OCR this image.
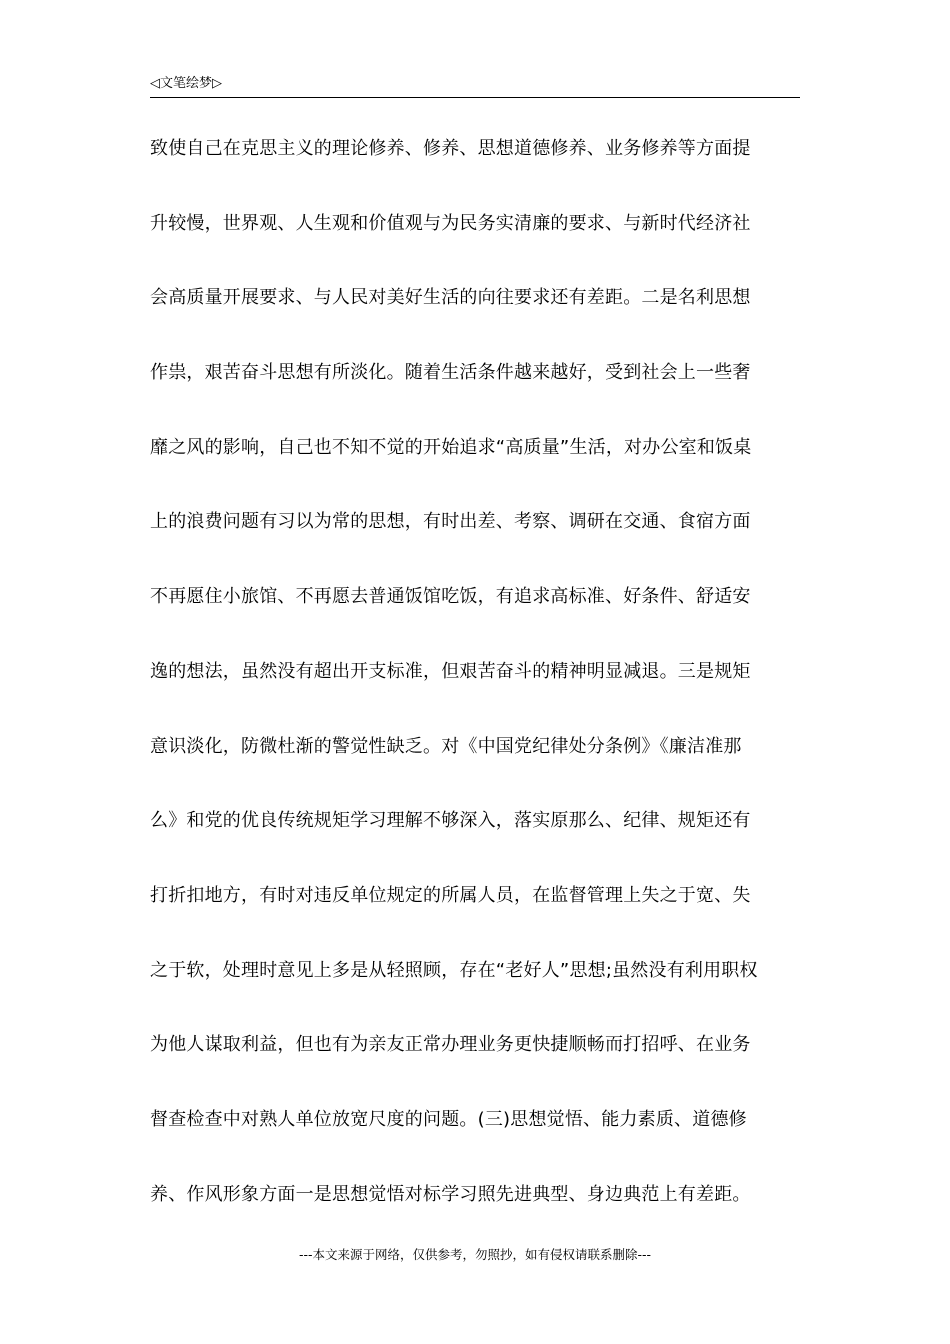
◁文笔绘梦▷
致使自己在克思主义的理论修养、修养、思想道德修养、业务修养等方面提
升较慢，世界观、人生观和价值观与为民务实清廉的要求、与新时代经济社
会高质量开展要求、与人民对美好生活的向往要求还有差距。二是名利思想
作祟，艰苦奋斗思想有所淡化。随着生活条件越来越好，受到社会上一些奢
靡之风的影响，自己也不知不觉的开始追求“高质量”生活，对办公室和饭桌
上的浪费问题有习以为常的思想，有时出差、考察、调研在交通、食宿方面
不再愿住小旅馆、不再愿去普通饭馆吃饭，有追求高标准、好条件、舒适安
逸的想法，虽然没有超出开支标准，但艰苦奋斗的精神明显减退。三是规矩
意识淡化，防微杜渐的警觉性缺乏。对《中国党纪律处分条例》《廉洁准那
么》和党的优良传统规矩学习理解不够深入，落实原那么、纪律、规矩还有
打折扣地方，有时对违反单位规定的所属人员，在监督管理上失之于宽、失
之于软，处理时意见上多是从轻照顾，存在“老好人”思想;虽然没有利用职权
为他人谋取利益，但也有为亲友正常办理业务更快捷顺畅而打招呼、在业务
督查检查中对熟人单位放宽尺度的问题。(三)思想觉悟、能力素质、道德修
养、作风形象方面一是思想觉悟对标学习照先进典型、身边典范上有差距。
---本文来源于网络，仅供参考，勿照抄，如有侵权请联系删除---
